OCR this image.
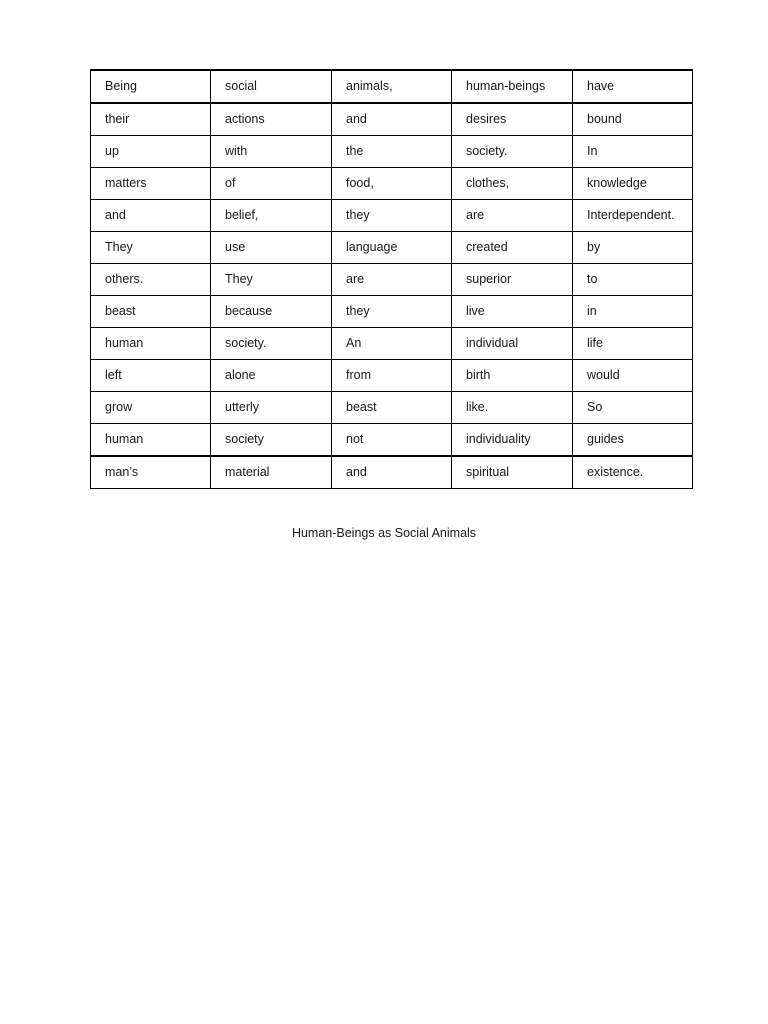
Being	social	animals,	human-beings	have
their	actions	and	desires	bound
up	with	the	society.	In
matters	of	food,	clothes,	knowledge
and	belief,	they	are	Interdependent.
They	use	language	created	by
others.	They	are	superior	to
beast	because	they	live	in
human	society.	An	individual	life
left	alone	from	birth	would
grow	utterly	beast	like.	So
human	society	not	individuality	guides
man’s	material	and	spiritual	existence.
Human-Beings as Social Animals
